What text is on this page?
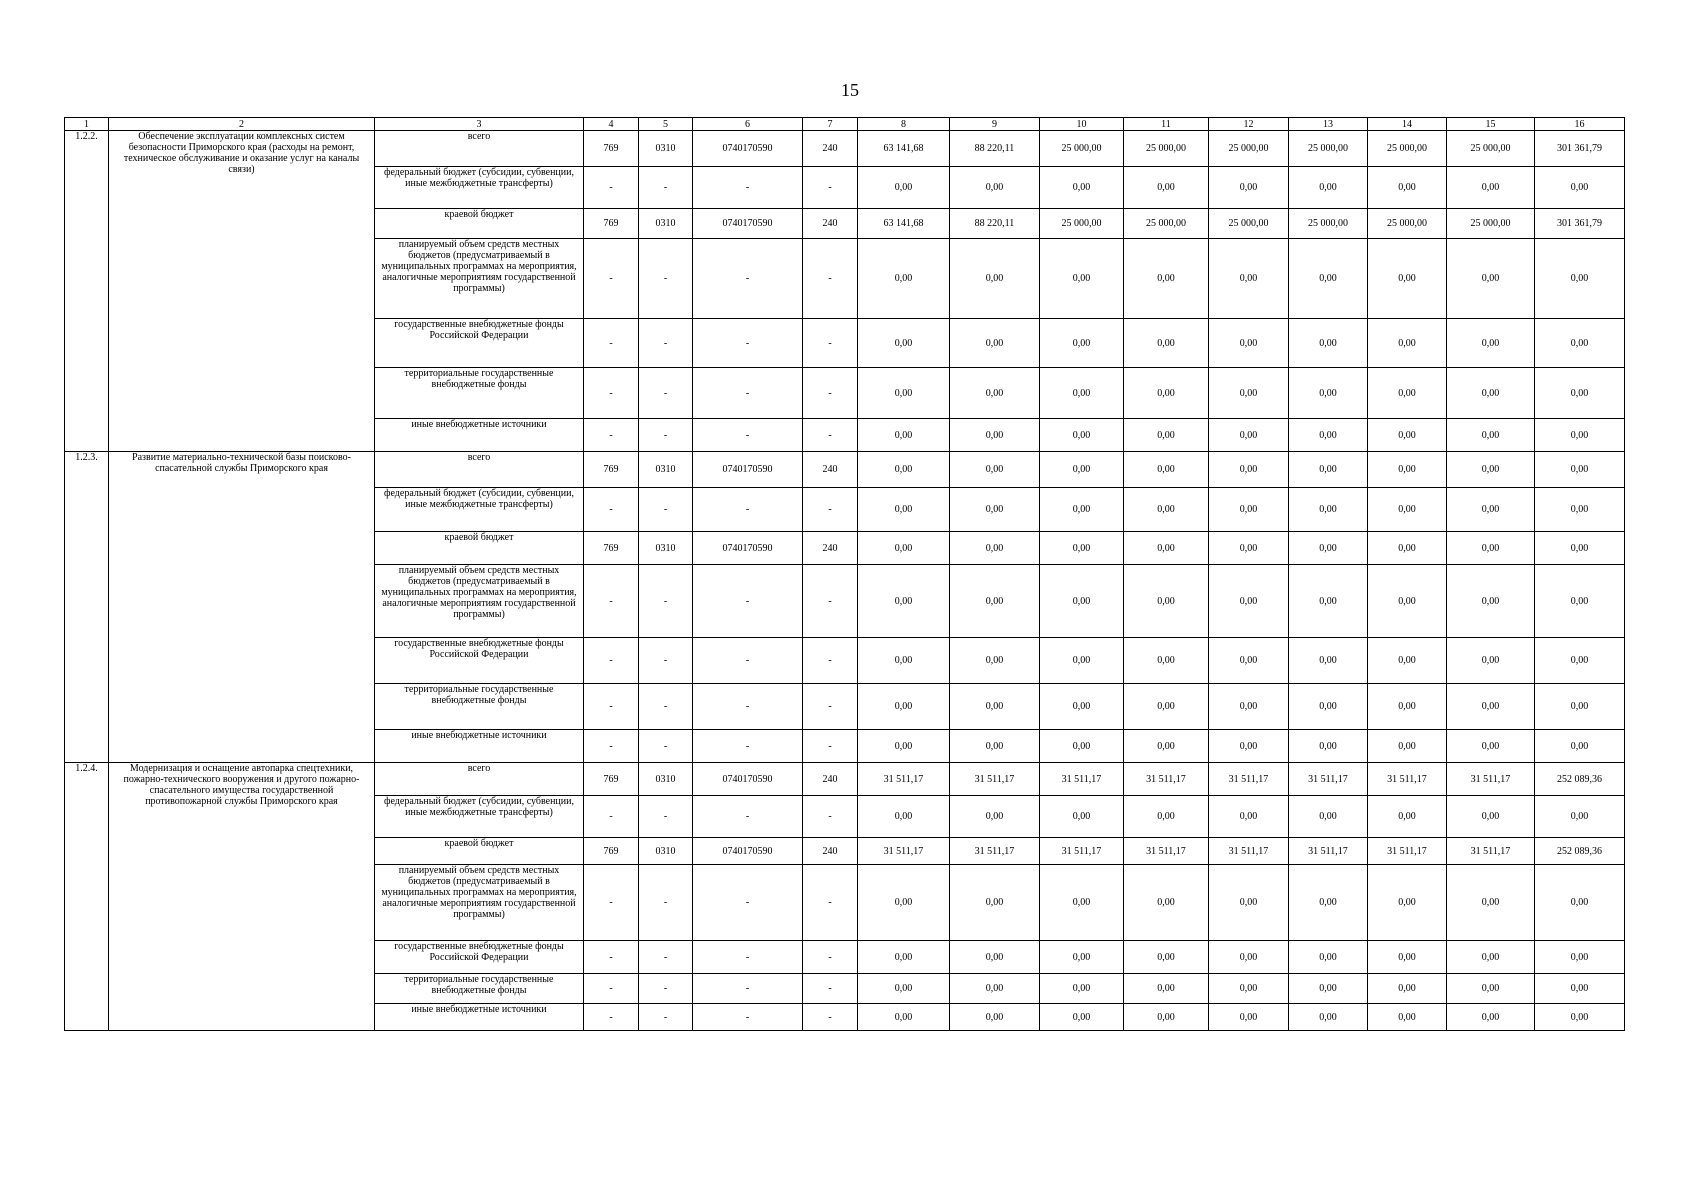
15
1	2	3	4	5	6	7	8	9	10	11	12	13	14	15	16
1.2.2.	Обеспечение эксплуатации комплексных систем безопасности Приморского края (расходы на ремонт, техническое обслуживание и оказание услуг на каналы связи)	всего	769	0310	0740170590	240	63 141,68	88 220,11	25 000,00	25 000,00	25 000,00	25 000,00	25 000,00	25 000,00	301 361,79
		федеральный бюджет (субсидии, субвенции, иные межбюджетные трансферты)	-	-	-	-	0,00	0,00	0,00	0,00	0,00	0,00	0,00	0,00	0,00
		краевой бюджет	769	0310	0740170590	240	63 141,68	88 220,11	25 000,00	25 000,00	25 000,00	25 000,00	25 000,00	25 000,00	301 361,79
		планируемый объем средств местных бюджетов (предусматриваемый в муниципальных программах на мероприятия, аналогичные мероприятиям государственной программы)	-	-	-	-	0,00	0,00	0,00	0,00	0,00	0,00	0,00	0,00	0,00
		государственные внебюджетные фонды Российской Федерации	-	-	-	-	0,00	0,00	0,00	0,00	0,00	0,00	0,00	0,00	0,00
		территориальные государственные внебюджетные фонды	-	-	-	-	0,00	0,00	0,00	0,00	0,00	0,00	0,00	0,00	0,00
		иные внебюджетные источники	-	-	-	-	0,00	0,00	0,00	0,00	0,00	0,00	0,00	0,00	0,00
1.2.3.	Развитие материально-технической базы поисково-спасательной службы Приморского края	всего	769	0310	0740170590	240	0,00	0,00	0,00	0,00	0,00	0,00	0,00	0,00	0,00
		федеральный бюджет (субсидии, субвенции, иные межбюджетные трансферты)	-	-	-	-	0,00	0,00	0,00	0,00	0,00	0,00	0,00	0,00	0,00
		краевой бюджет	769	0310	0740170590	240	0,00	0,00	0,00	0,00	0,00	0,00	0,00	0,00	0,00
		планируемый объем средств местных бюджетов (предусматриваемый в муниципальных программах на мероприятия, аналогичные мероприятиям государственной программы)	-	-	-	-	0,00	0,00	0,00	0,00	0,00	0,00	0,00	0,00	0,00
		государственные внебюджетные фонды Российской Федерации	-	-	-	-	0,00	0,00	0,00	0,00	0,00	0,00	0,00	0,00	0,00
		территориальные государственные внебюджетные фонды	-	-	-	-	0,00	0,00	0,00	0,00	0,00	0,00	0,00	0,00	0,00
		иные внебюджетные источники	-	-	-	-	0,00	0,00	0,00	0,00	0,00	0,00	0,00	0,00	0,00
1.2.4.	Модернизация и оснащение автопарка спецтехники, пожарно-технического вооружения и другого пожарно-спасательного имущества государственной противопожарной службы Приморского края	всего	769	0310	0740170590	240	31 511,17	31 511,17	31 511,17	31 511,17	31 511,17	31 511,17	31 511,17	31 511,17	252 089,36
		федеральный бюджет (субсидии, субвенции, иные межбюджетные трансферты)	-	-	-	-	0,00	0,00	0,00	0,00	0,00	0,00	0,00	0,00	0,00
		краевой бюджет	769	0310	0740170590	240	31 511,17	31 511,17	31 511,17	31 511,17	31 511,17	31 511,17	31 511,17	31 511,17	252 089,36
		планируемый объем средств местных бюджетов (предусматриваемый в муниципальных программах на мероприятия, аналогичные мероприятиям государственной программы)	-	-	-	-	0,00	0,00	0,00	0,00	0,00	0,00	0,00	0,00	0,00
		государственные внебюджетные фонды Российской Федерации	-	-	-	-	0,00	0,00	0,00	0,00	0,00	0,00	0,00	0,00	0,00
		территориальные государственные внебюджетные фонды	-	-	-	-	0,00	0,00	0,00	0,00	0,00	0,00	0,00	0,00	0,00
		иные внебюджетные источники	-	-	-	-	0,00	0,00	0,00	0,00	0,00	0,00	0,00	0,00	0,00
